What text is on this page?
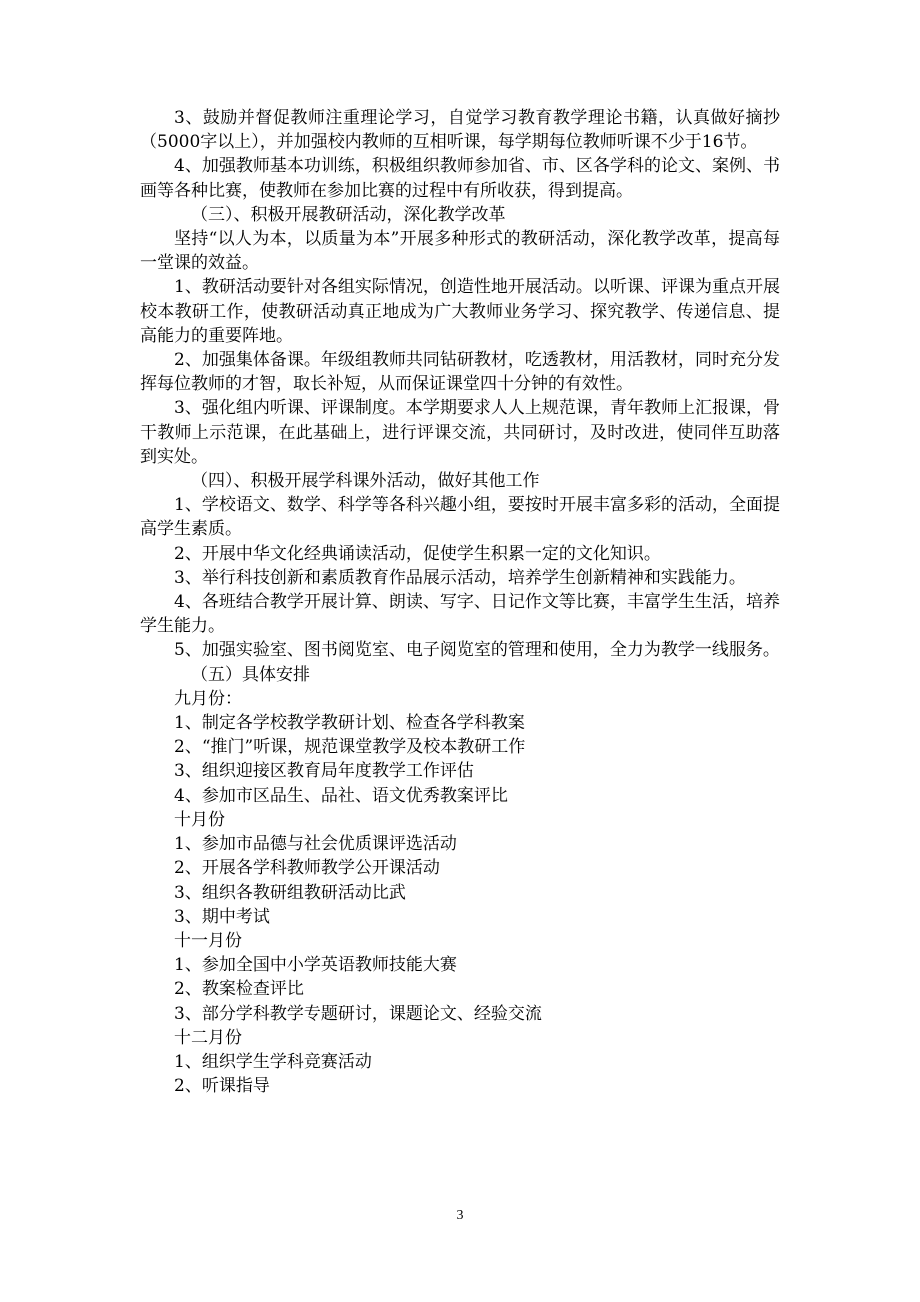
3、鼓励并督促教师注重理论学习，自觉学习教育教学理论书籍，认真做好摘抄（5000字以上），并加强校内教师的互相听课，每学期每位教师听课不少于16节。

4、加强教师基本功训练，积极组织教师参加省、市、区各学科的论文、案例、书画等各种比赛，使教师在参加比赛的过程中有所收获，得到提高。

（三）、积极开展教研活动，深化教学改革

坚持“以人为本，以质量为本”开展多种形式的教研活动，深化教学改革，提高每一堂课的效益。

1、教研活动要针对各组实际情况，创造性地开展活动。以听课、评课为重点开展校本教研工作，使教研活动真正地成为广大教师业务学习、探究教学、传递信息、提高能力的重要阵地。

2、加强集体备课。年级组教师共同钻研教材，吃透教材，用活教材，同时充分发挥每位教师的才智，取长补短，从而保证课堂四十分钟的有效性。

3、强化组内听课、评课制度。本学期要求人人上规范课，青年教师上汇报课，骨干教师上示范课，在此基础上，进行评课交流，共同研讨，及时改进，使同伴互助落到实处。

（四）、积极开展学科课外活动，做好其他工作

1、学校语文、数学、科学等各科兴趣小组，要按时开展丰富多彩的活动，全面提高学生素质。

2、开展中华文化经典诵读活动，促使学生积累一定的文化知识。

3、举行科技创新和素质教育作品展示活动，培养学生创新精神和实践能力。

4、各班结合教学开展计算、朗读、写字、日记作文等比赛，丰富学生生活，培养学生能力。

5、加强实验室、图书阅览室、电子阅览室的管理和使用，全力为教学一线服务。

（五）具体安排

九月份：

1、制定各学校教学教研计划、检查各学科教案

2、“推门”听课，规范课堂教学及校本教研工作

3、组织迎接区教育局年度教学工作评估

4、参加市区品生、品社、语文优秀教案评比

十月份

1、参加市品德与社会优质课评选活动

2、开展各学科教师教学公开课活动

3、组织各教研组教研活动比武

3、期中考试

十一月份

1、参加全国中小学英语教师技能大赛

2、教案检查评比

3、部分学科教学专题研讨，课题论文、经验交流

十二月份

1、组织学生学科竞赛活动

2、听课指导

3
